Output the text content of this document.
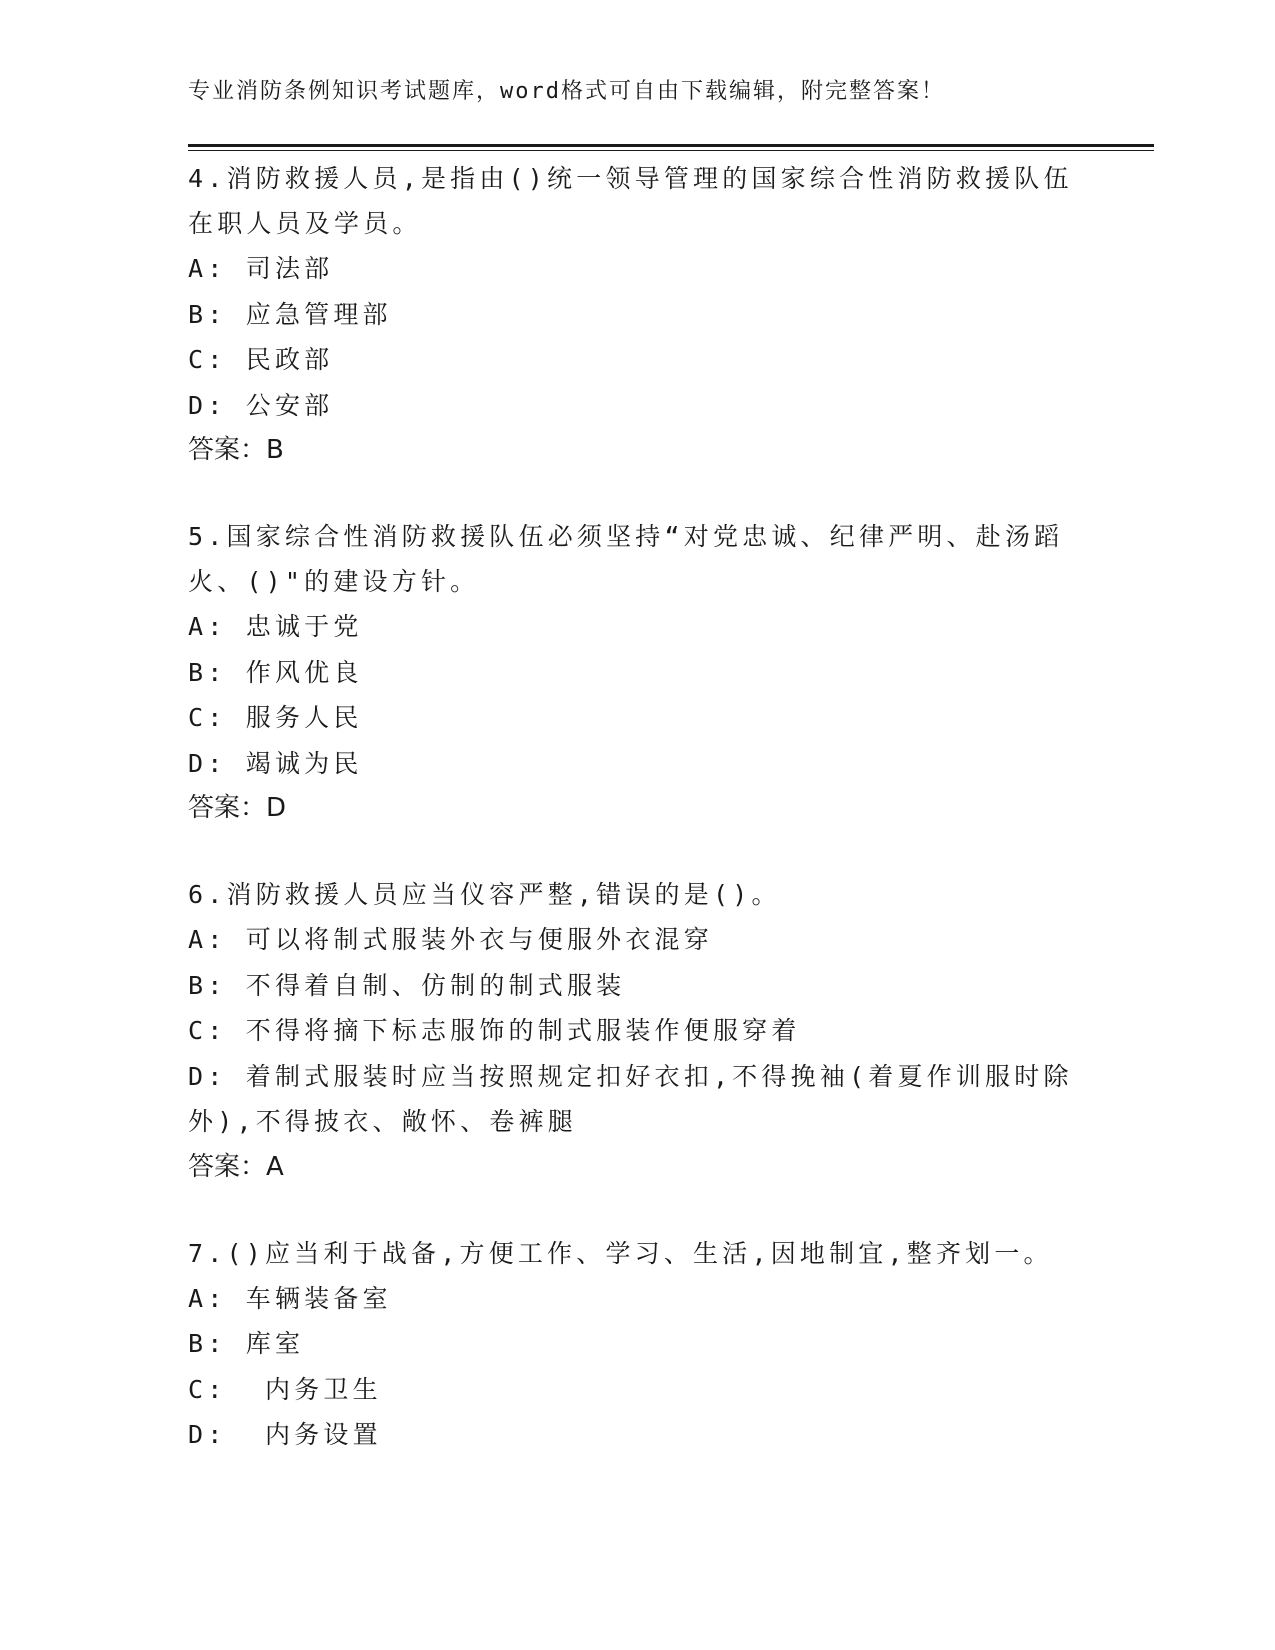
专业消防条例知识考试题库，word格式可自由下载编辑，附完整答案！

4.消防救援人员,是指由()统一领导管理的国家综合性消防救援队伍在职人员及学员。

A: 司法部

B: 应急管理部

C: 民政部

D: 公安部

答案：B

5.国家综合性消防救援队伍必须坚持“对党忠诚、纪律严明、赴汤蹈火、()"的建设方针。

A: 忠诚于党

B: 作风优良

C: 服务人民

D: 竭诚为民

答案：D

6.消防救援人员应当仪容严整,错误的是()。

A: 可以将制式服装外衣与便服外衣混穿

B: 不得着自制、仿制的制式服装

C: 不得将摘下标志服饰的制式服装作便服穿着

D: 着制式服装时应当按照规定扣好衣扣,不得挽袖(着夏作训服时除外),不得披衣、敞怀、卷裤腿

答案：A

7.()应当利于战备,方便工作、学习、生活,因地制宜,整齐划一。

A: 车辆装备室

B: 库室

C:  内务卫生

D:  内务设置
